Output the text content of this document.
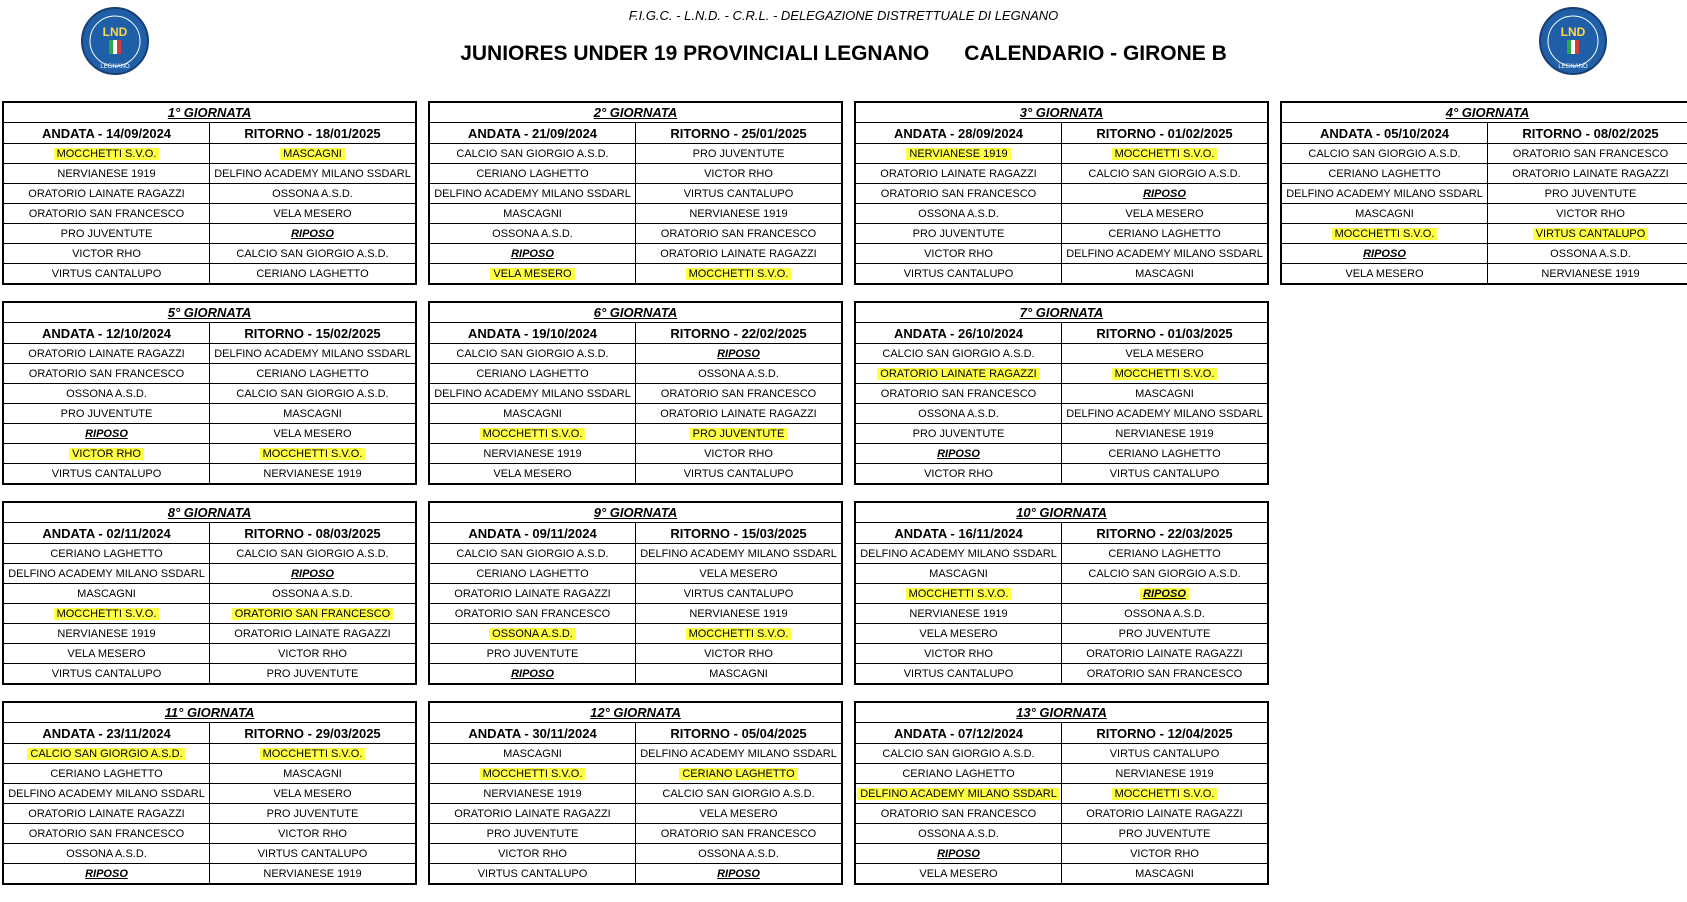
F.I.G.C. - L.N.D. - C.R.L. - DELEGAZIONE DISTRETTUALE DI LEGNANO
JUNIORES UNDER 19 PROVINCIALI LEGNANO CALENDARIO - GIRONE B
LND
LEGNANO
LND
LEGNANO
1° GIORNATA
ANDATA - 14/09/2024	RITORNO - 18/01/2025
MOCCHETTI S.V.O.	MASCAGNI
NERVIANESE 1919	DELFINO ACADEMY MILANO SSDARL
ORATORIO LAINATE RAGAZZI	OSSONA A.S.D.
ORATORIO SAN FRANCESCO	VELA MESERO
PRO JUVENTUTE	RIPOSO
VICTOR RHO	CALCIO SAN GIORGIO A.S.D.
VIRTUS CANTALUPO	CERIANO LAGHETTO
2° GIORNATA
ANDATA - 21/09/2024	RITORNO - 25/01/2025
CALCIO SAN GIORGIO A.S.D.	PRO JUVENTUTE
CERIANO LAGHETTO	VICTOR RHO
DELFINO ACADEMY MILANO SSDARL	VIRTUS CANTALUPO
MASCAGNI	NERVIANESE 1919
OSSONA A.S.D.	ORATORIO SAN FRANCESCO
RIPOSO	ORATORIO LAINATE RAGAZZI
VELA MESERO	MOCCHETTI S.V.O.
3° GIORNATA
ANDATA - 28/09/2024	RITORNO - 01/02/2025
NERVIANESE 1919	MOCCHETTI S.V.O.
ORATORIO LAINATE RAGAZZI	CALCIO SAN GIORGIO A.S.D.
ORATORIO SAN FRANCESCO	RIPOSO
OSSONA A.S.D.	VELA MESERO
PRO JUVENTUTE	CERIANO LAGHETTO
VICTOR RHO	DELFINO ACADEMY MILANO SSDARL
VIRTUS CANTALUPO	MASCAGNI
4° GIORNATA
ANDATA - 05/10/2024	RITORNO - 08/02/2025
CALCIO SAN GIORGIO A.S.D.	ORATORIO SAN FRANCESCO
CERIANO LAGHETTO	ORATORIO LAINATE RAGAZZI
DELFINO ACADEMY MILANO SSDARL	PRO JUVENTUTE
MASCAGNI	VICTOR RHO
MOCCHETTI S.V.O.	VIRTUS CANTALUPO
RIPOSO	OSSONA A.S.D.
VELA MESERO	NERVIANESE 1919
5° GIORNATA
ANDATA - 12/10/2024	RITORNO - 15/02/2025
ORATORIO LAINATE RAGAZZI	DELFINO ACADEMY MILANO SSDARL
ORATORIO SAN FRANCESCO	CERIANO LAGHETTO
OSSONA A.S.D.	CALCIO SAN GIORGIO A.S.D.
PRO JUVENTUTE	MASCAGNI
RIPOSO	VELA MESERO
VICTOR RHO	MOCCHETTI S.V.O.
VIRTUS CANTALUPO	NERVIANESE 1919
6° GIORNATA
ANDATA - 19/10/2024	RITORNO - 22/02/2025
CALCIO SAN GIORGIO A.S.D.	RIPOSO
CERIANO LAGHETTO	OSSONA A.S.D.
DELFINO ACADEMY MILANO SSDARL	ORATORIO SAN FRANCESCO
MASCAGNI	ORATORIO LAINATE RAGAZZI
MOCCHETTI S.V.O.	PRO JUVENTUTE
NERVIANESE 1919	VICTOR RHO
VELA MESERO	VIRTUS CANTALUPO
7° GIORNATA
ANDATA - 26/10/2024	RITORNO - 01/03/2025
CALCIO SAN GIORGIO A.S.D.	VELA MESERO
ORATORIO LAINATE RAGAZZI	MOCCHETTI S.V.O.
ORATORIO SAN FRANCESCO	MASCAGNI
OSSONA A.S.D.	DELFINO ACADEMY MILANO SSDARL
PRO JUVENTUTE	NERVIANESE 1919
RIPOSO	CERIANO LAGHETTO
VICTOR RHO	VIRTUS CANTALUPO
8° GIORNATA
ANDATA - 02/11/2024	RITORNO - 08/03/2025
CERIANO LAGHETTO	CALCIO SAN GIORGIO A.S.D.
DELFINO ACADEMY MILANO SSDARL	RIPOSO
MASCAGNI	OSSONA A.S.D.
MOCCHETTI S.V.O.	ORATORIO SAN FRANCESCO
NERVIANESE 1919	ORATORIO LAINATE RAGAZZI
VELA MESERO	VICTOR RHO
VIRTUS CANTALUPO	PRO JUVENTUTE
9° GIORNATA
ANDATA - 09/11/2024	RITORNO - 15/03/2025
CALCIO SAN GIORGIO A.S.D.	DELFINO ACADEMY MILANO SSDARL
CERIANO LAGHETTO	VELA MESERO
ORATORIO LAINATE RAGAZZI	VIRTUS CANTALUPO
ORATORIO SAN FRANCESCO	NERVIANESE 1919
OSSONA A.S.D.	MOCCHETTI S.V.O.
PRO JUVENTUTE	VICTOR RHO
RIPOSO	MASCAGNI
10° GIORNATA
ANDATA - 16/11/2024	RITORNO - 22/03/2025
DELFINO ACADEMY MILANO SSDARL	CERIANO LAGHETTO
MASCAGNI	CALCIO SAN GIORGIO A.S.D.
MOCCHETTI S.V.O.	RIPOSO
NERVIANESE 1919	OSSONA A.S.D.
VELA MESERO	PRO JUVENTUTE
VICTOR RHO	ORATORIO LAINATE RAGAZZI
VIRTUS CANTALUPO	ORATORIO SAN FRANCESCO
11° GIORNATA
ANDATA - 23/11/2024	RITORNO - 29/03/2025
CALCIO SAN GIORGIO A.S.D.	MOCCHETTI S.V.O.
CERIANO LAGHETTO	MASCAGNI
DELFINO ACADEMY MILANO SSDARL	VELA MESERO
ORATORIO LAINATE RAGAZZI	PRO JUVENTUTE
ORATORIO SAN FRANCESCO	VICTOR RHO
OSSONA A.S.D.	VIRTUS CANTALUPO
RIPOSO	NERVIANESE 1919
12° GIORNATA
ANDATA - 30/11/2024	RITORNO - 05/04/2025
MASCAGNI	DELFINO ACADEMY MILANO SSDARL
MOCCHETTI S.V.O.	CERIANO LAGHETTO
NERVIANESE 1919	CALCIO SAN GIORGIO A.S.D.
ORATORIO LAINATE RAGAZZI	VELA MESERO
PRO JUVENTUTE	ORATORIO SAN FRANCESCO
VICTOR RHO	OSSONA A.S.D.
VIRTUS CANTALUPO	RIPOSO
13° GIORNATA
ANDATA - 07/12/2024	RITORNO - 12/04/2025
CALCIO SAN GIORGIO A.S.D.	VIRTUS CANTALUPO
CERIANO LAGHETTO	NERVIANESE 1919
DELFINO ACADEMY MILANO SSDARL	MOCCHETTI S.V.O.
ORATORIO SAN FRANCESCO	ORATORIO LAINATE RAGAZZI
OSSONA A.S.D.	PRO JUVENTUTE
RIPOSO	VICTOR RHO
VELA MESERO	MASCAGNI
